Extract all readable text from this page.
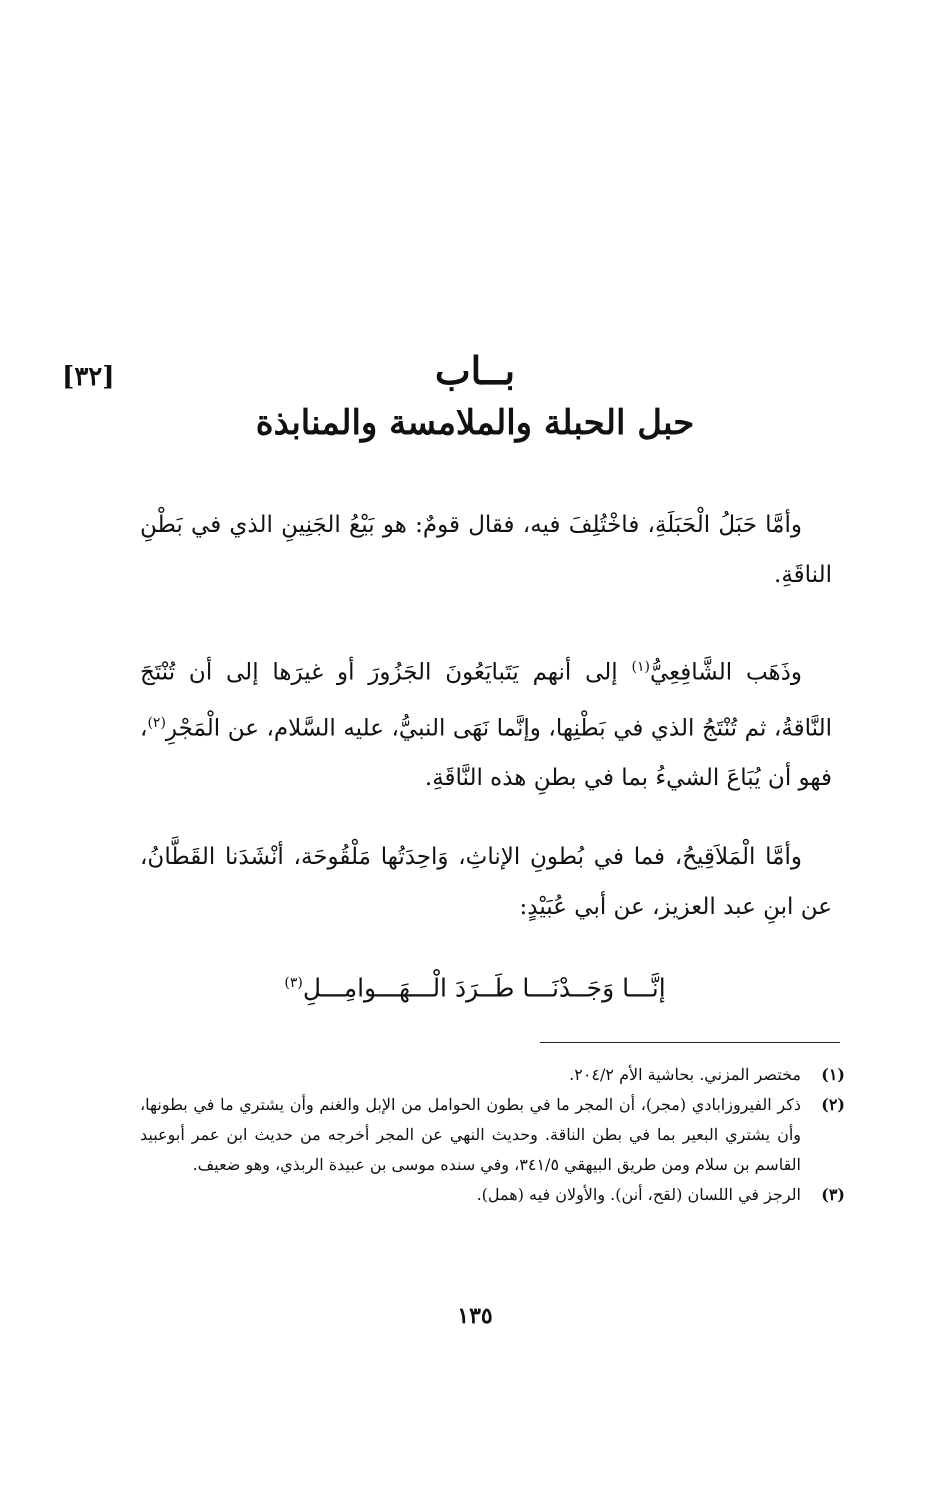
[٣٢]	بــاب
حبل الحبلة والملامسة والمنابذة

وأمَّا حَبَلُ الْحَبَلَةِ، فاخْتُلِفَ فيه، فقال قومٌ: هو بَيْعُ الجَنِينِ الذي في بَطْنِ الناقَةِ.

وذَهَب الشَّافِعِيُّ$^{(١)}$ إلى أنهم يَتَبايَعُونَ الجَزُورَ أو غيرَها إلى أن تُنْتَجَ النَّاقةُ، ثم تُنْتَجُ الذي في بَطْنِها، وإنَّما نَهَى النبيُّ، عليه السَّلام، عن الْمَجْرِ$^{(٢)}$، فهو أن يُبَاعَ الشيءُ بما في بطنِ هذه النَّاقَةِ.

وأمَّا الْمَلاَقِيحُ، فما في بُطونِ الإناثِ، وَاحِدَتُها مَلْقُوحَة، أنْشَدَنا القَطَّانُ، عن ابنِ عبد العزيز، عن أبي عُبَيْدٍ:

إنَّـــا وَجَــدْنَـــا طَــرَدَ الْـــهَـــوامِـــلِ$^{(٣)}$
(١)
مختصر المزني. بحاشية الأم ٢٠٤/٢.
(٢)
ذكر الفيروزابادي (مجر)، أن المجر ما في بطون الحوامل من الإبل والغنم وأن يشتري ما في بطونها، وأن يشتري البعير بما في بطن الناقة. وحديث النهي عن المجر أخرجه من حديث ابن عمر أبوعبيد القاسم بن سلام ومن طريق البيهقي ٣٤١/٥، وفي سنده موسى بن عبيدة الربذي، وهو ضعيف.
(٣)
الرجز في اللسان (لقح، أنن). والأولان فيه (همل).
١٣٥
